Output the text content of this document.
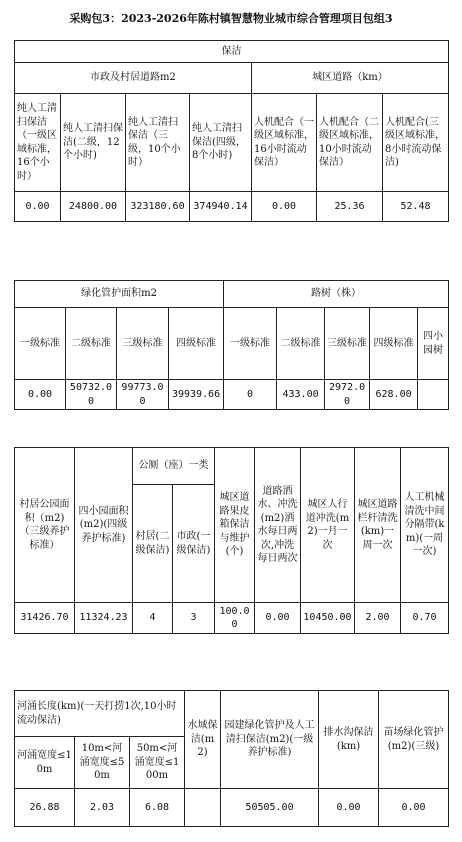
采购包3：2023-2026年陈村镇智慧物业城市综合管理项目包组3
保洁						
市政及村居道路m2				城区道路（km）		
纯人工清扫保洁（一级区域标准，16个小时）	纯人工清扫保洁(二级，12个小时)	纯人工清扫保洁（三级，10个小时）	纯人工清扫保洁(四级，8个小时)	人机配合（一级区域标准，16小时流动保洁）	人机配合（二级区域标准，10小时流动保洁）	人机配合(三级区域标准，8小时流动保洁)
0.00	24800.00	323180.60	374940.14	0.00	25.36	52.48
绿化管护面积m2				路树（株）				
一级标准	二级标准	三级标准	四级标准	一级标准	二级标准	三级标准	四级标准	四小园树
0.00	50732.00	99773.00	39939.66	0	433.00	2972.00	628.00	
村居公园面积（m2)（三级养护标准）	四小园面积(m2)(四级养护标准)	公厕（座）一类		城区道路果皮箱保洁与维护(个)	道路洒水、冲洗(m2)洒水每日两次,冲洗每日两次	城区人行道冲洗(m2)一月一次	城区道路栏杆清洗(km)一周一次	人工机械清洗中间分隔带(km)(一周一次)
		村居(二级保洁)	市政(一级保洁)					
31426.70	11324.23	4	3	100.00	0.00	10450.00	2.00	0.70
河涌长度(km)(一天打捞1次,10小时流动保洁)			水域保洁(m2)	园建绿化管护及人工清扫保洁(m2)(一级养护标准)	排水沟保洁(km)	苗场绿化管护(m2)(三级)
河涌宽度≤10m	10m<河涌宽度≤50m	50m<河涌宽度≤100m				
26.88	2.03	6.08		50505.00	0.00	0.00
